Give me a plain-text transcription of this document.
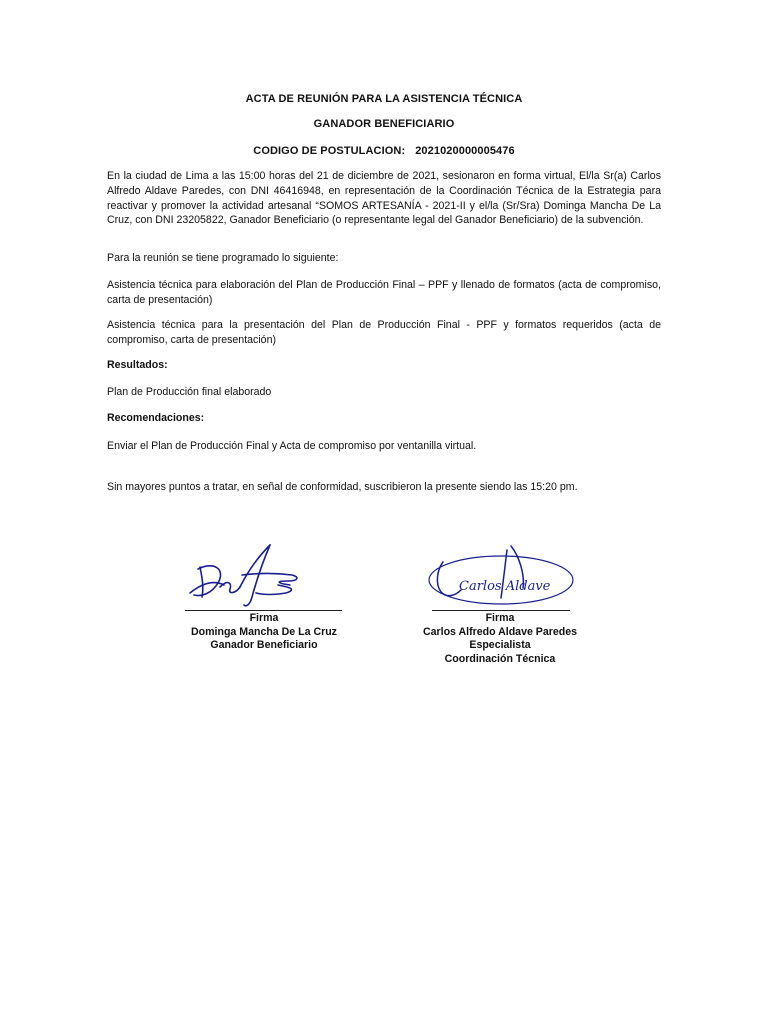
ACTA DE REUNIÓN PARA LA ASISTENCIA TÉCNICA
GANADOR BENEFICIARIO
CODIGO DE POSTULACION: 2021020000005476
En la ciudad de Lima a las 15:00 horas del 21 de diciembre de 2021, sesionaron en forma virtual, El/la Sr(a) Carlos Alfredo Aldave Paredes, con DNI 46416948, en representación de la Coordinación Técnica de la Estrategia para reactivar y promover la actividad artesanal “SOMOS ARTESANÍA - 2021-II y el/la (Sr/Sra) Dominga Mancha De La Cruz, con DNI 23205822, Ganador Beneficiario (o representante legal del Ganador Beneficiario) de la subvención.
Para la reunión se tiene programado lo siguiente:
Asistencia técnica para elaboración del Plan de Producción Final – PPF y llenado de formatos (acta de compromiso, carta de presentación)
Asistencia técnica para la presentación del Plan de Producción Final - PPF y formatos requeridos (acta de compromiso, carta de presentación)
Resultados:
Plan de Producción final elaborado
Recomendaciones:
Enviar el Plan de Producción Final y Acta de compromiso por ventanilla virtual.
Sin mayores puntos a tratar, en señal de conformidad, suscribieron la presente siendo las 15:20 pm.
Firma
Dominga Mancha De La Cruz
Ganador Beneficiario
Carlos Aldave
Firma
Carlos Alfredo Aldave Paredes
Especialista
Coordinación Técnica
